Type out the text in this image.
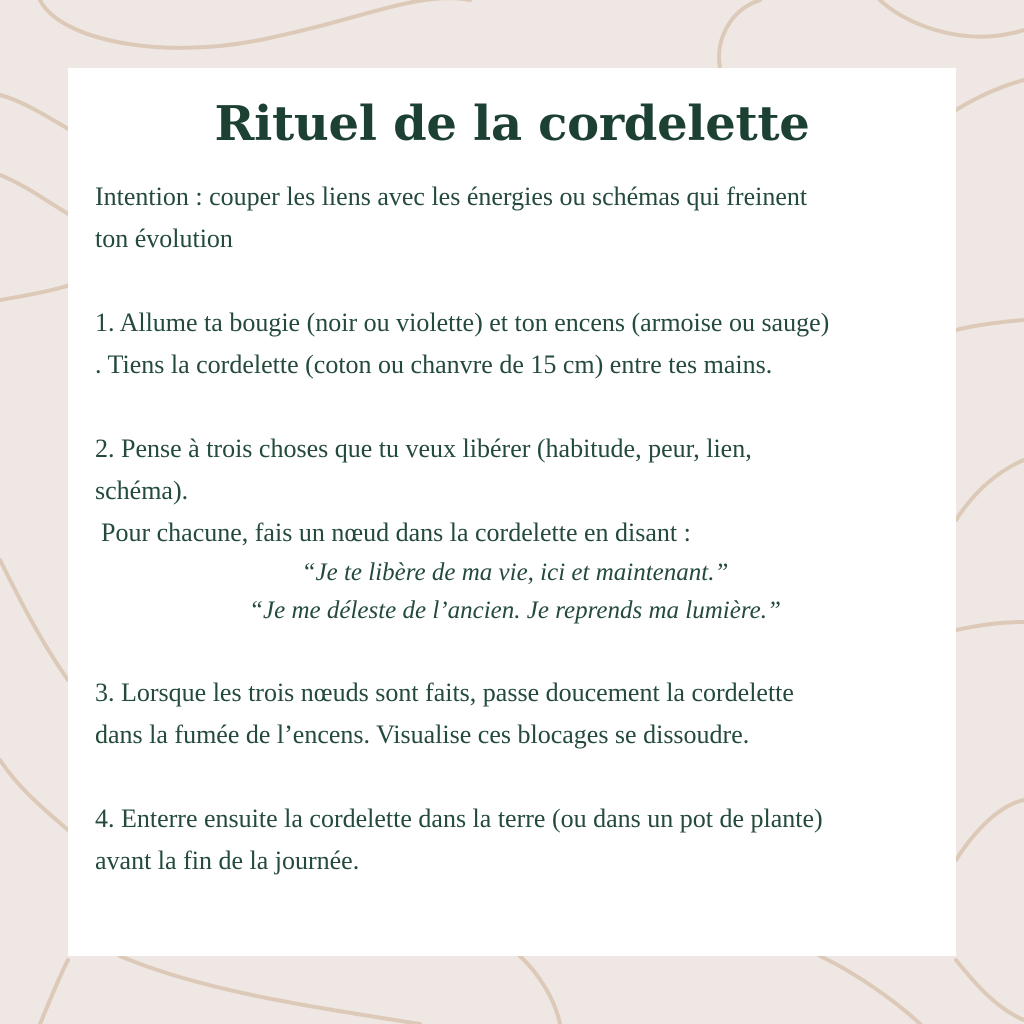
Rituel de la cordelette

Intention : couper les liens avec les énergies ou schémas qui freinent

ton évolution

1. Allume ta bougie (noir ou violette) et ton encens (armoise ou sauge)

. Tiens la cordelette (coton ou chanvre de 15 cm) entre tes mains.

2. Pense à trois choses que tu veux libérer (habitude, peur, lien,

schéma).

Pour chacune, fais un nœud dans la cordelette en disant :

“Je te libère de ma vie, ici et maintenant.”

“Je me déleste de l’ancien. Je reprends ma lumière.”

3. Lorsque les trois nœuds sont faits, passe doucement la cordelette

dans la fumée de l’encens. Visualise ces blocages se dissoudre.

4. Enterre ensuite la cordelette dans la terre (ou dans un pot de plante)

avant la fin de la journée.
